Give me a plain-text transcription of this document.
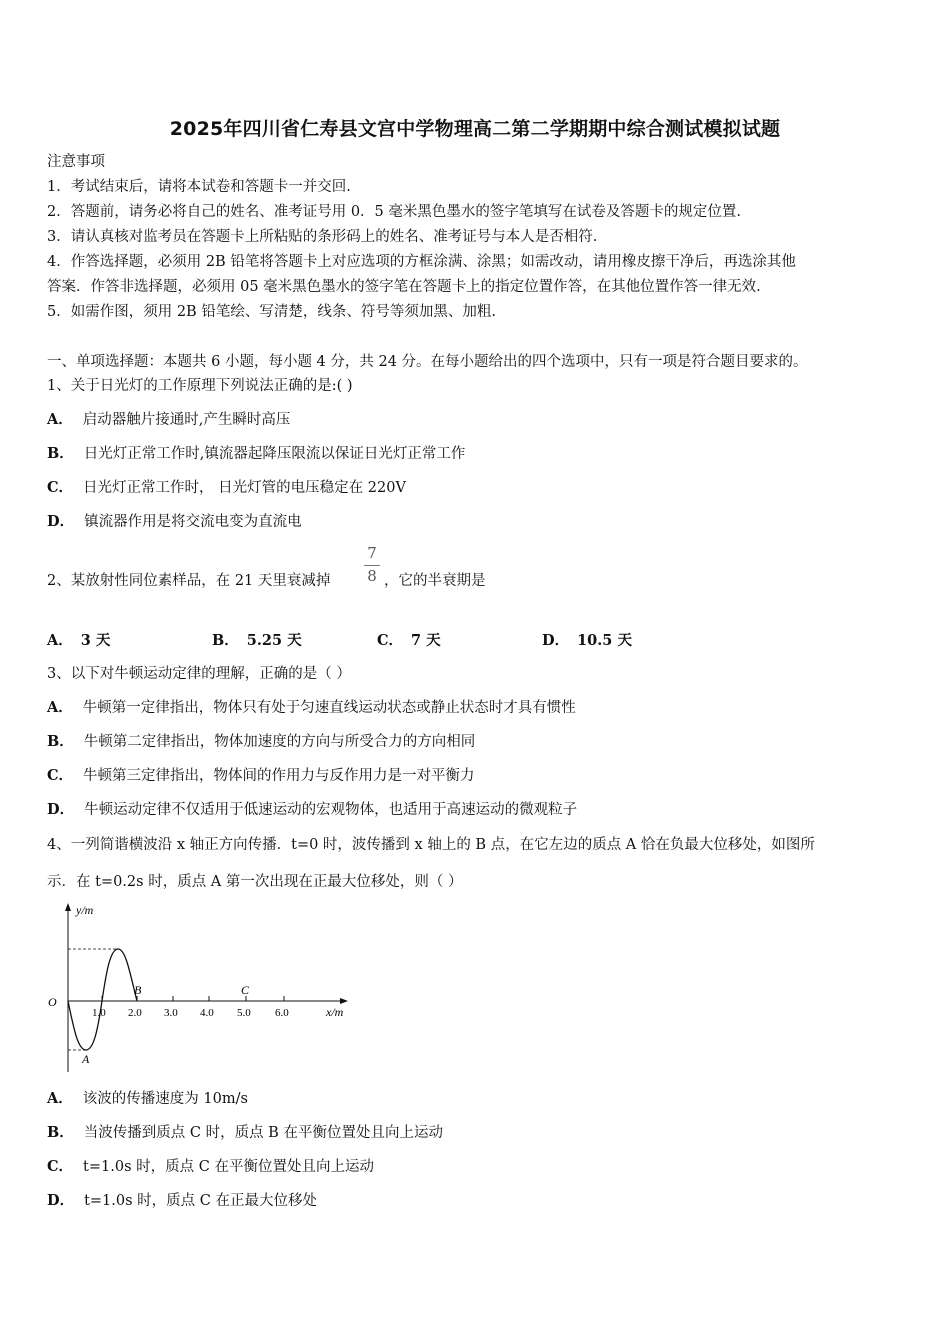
2025年四川省仁寿县文宫中学物理高二第二学期期中综合测试模拟试题
注意事项
1．考试结束后，请将本试卷和答题卡一并交回.
2．答题前，请务必将自己的姓名、准考证号用 0．5 毫米黑色墨水的签字笔填写在试卷及答题卡的规定位置.
3．请认真核对监考员在答题卡上所粘贴的条形码上的姓名、准考证号与本人是否相符.
4．作答选择题，必须用 2B 铅笔将答题卡上对应选项的方框涂满、涂黑；如需改动，请用橡皮擦干净后，再选涂其他
答案．作答非选择题，必须用 05 毫米黑色墨水的签字笔在答题卡上的指定位置作答，在其他位置作答一律无效.
5．如需作图，须用 2B 铅笔绘、写清楚，线条、符号等须加黑、加粗.
一、单项选择题：本题共 6 小题，每小题 4 分，共 24 分。在每小题给出的四个选项中，只有一项是符合题目要求的。
1、关于日光灯的工作原理下列说法正确的是:( )
A． 启动器触片接通时,产生瞬时高压
B． 日光灯正常工作时,镇流器起降压限流以保证日光灯正常工作
C． 日光灯正常工作时， 日光灯管的电压稳定在 220V
D． 镇流器作用是将交流电变为直流电
2、某放射性同位素样品，在 21 天里衰减掉
7
8 ，它的半衰期是
A． 3 天	B． 5.25 天	C． 7 天	D． 10.5 天
3、以下对牛顿运动定律的理解，正确的是（ ）
A． 牛顿第一定律指出，物体只有处于匀速直线运动状态或静止状态时才具有惯性
B． 牛顿第二定律指出，物体加速度的方向与所受合力的方向相同
C． 牛顿第三定律指出，物体间的作用力与反作用力是一对平衡力
D． 牛顿运动定律不仅适用于低速运动的宏观物体，也适用于高速运动的微观粒子
4、一列简谐横波沿 x 轴正方向传播．t=0 时，波传播到 x 轴上的 B 点，在它左边的质点 A 恰在负最大位移处，如图所
示．在 t=0.2s 时，质点 A 第一次出现在正最大位移处，则（ ）
y/m
x/m
O
1.0 2.0 3.0 4.0 5.0 6.0
B	C
A
A． 该波的传播速度为 10m/s
B． 当波传播到质点 C 时，质点 B 在平衡位置处且向上运动
C． t=1.0s 时，质点 C 在平衡位置处且向上运动
D． t=1.0s 时，质点 C 在正最大位移处
